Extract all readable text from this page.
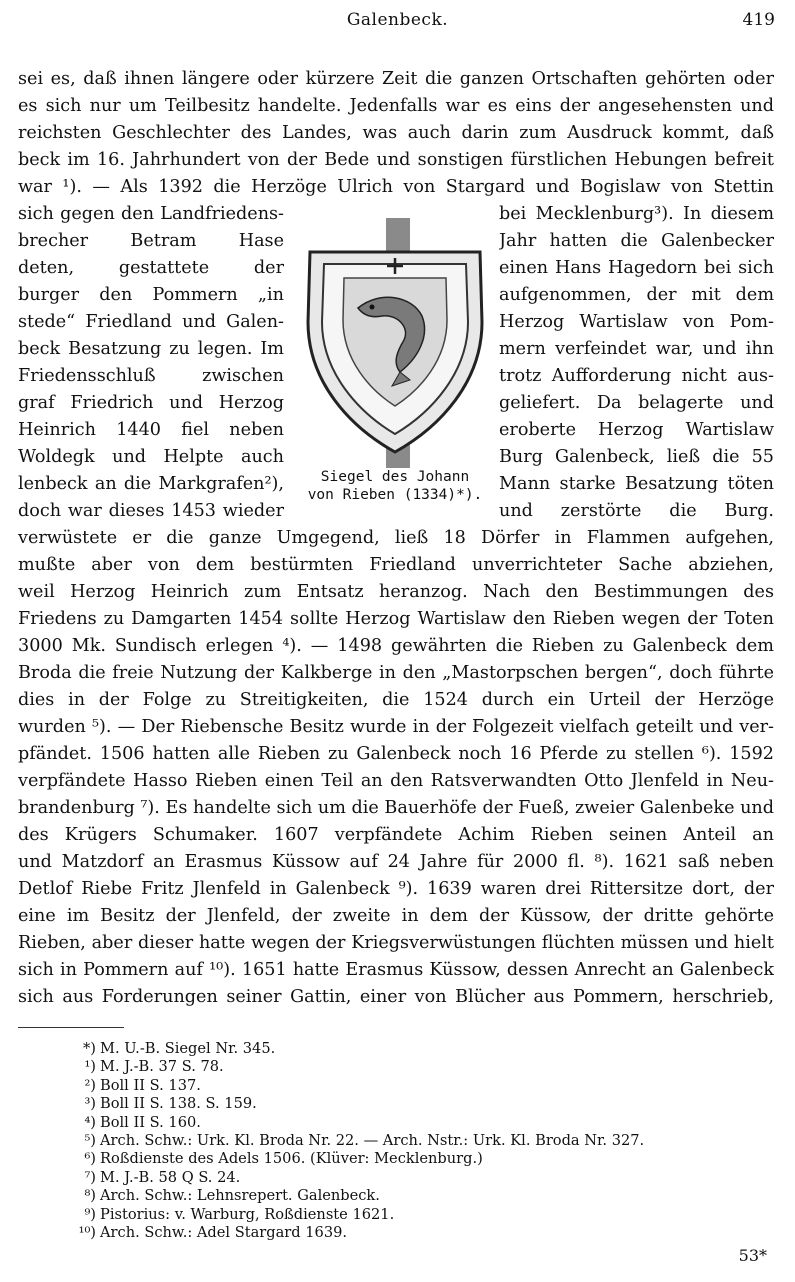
Galenbeck.	419
sei es, daß ihnen längere oder kürzere Zeit die ganzen Ortschaften gehörten oder
es sich nur um Teilbesitz handelte. Jedenfalls war es eins der angesehensten und
reichsten Geschlechter des Landes, was auch darin zum Ausdruck kommt, daß
beck im 16. Jahrhundert von der Bede und sonstigen fürstlichen Hebungen befreit
war ¹). — Als 1392 die Herzöge Ulrich von Stargard und Bogislaw von Stettin
sich gegen den Landfriedens-	bei Mecklenburg³). In diesem
brecher Betram Hase	Jahr hatten die Galenbecker
deten, gestattete der	einen Hans Hagedorn bei sich
burger den Pommern „in	aufgenommen, der mit dem
stede“ Friedland und Galen-	Herzog Wartislaw von Pom-
beck Besatzung zu legen. Im	mern verfeindet war, und ihn
Friedensschluß zwischen	trotz Aufforderung nicht aus-
graf Friedrich und Herzog	geliefert. Da belagerte und
Heinrich 1440 fiel neben	eroberte Herzog Wartislaw
Woldegk und Helpte auch	Burg Galenbeck, ließ die 55
lenbeck an die Markgrafen²),	Mann starke Besatzung töten
doch war dieses 1453 wieder	und zerstörte die Burg.
verwüstete er die ganze Umgegend, ließ 18 Dörfer in Flammen aufgehen,
mußte aber von dem bestürmten Friedland unverrichteter Sache abziehen,
weil Herzog Heinrich zum Entsatz heranzog. Nach den Bestimmungen des
Friedens zu Damgarten 1454 sollte Herzog Wartislaw den Rieben wegen der Toten
3000 Mk. Sundisch erlegen ⁴). — 1498 gewährten die Rieben zu Galenbeck dem
Broda die freie Nutzung der Kalkberge in den „Mastorpschen bergen“, doch führte
dies in der Folge zu Streitigkeiten, die 1524 durch ein Urteil der Herzöge
wurden ⁵). — Der Riebensche Besitz wurde in der Folgezeit vielfach geteilt und ver-
pfändet. 1506 hatten alle Rieben zu Galenbeck noch 16 Pferde zu stellen ⁶). 1592
verpfändete Hasso Rieben einen Teil an den Ratsverwandten Otto Jlenfeld in Neu-
brandenburg ⁷). Es handelte sich um die Bauerhöfe der Fueß, zweier Galenbeke und
des Krügers Schumaker. 1607 verpfändete Achim Rieben seinen Anteil an
und Matzdorf an Erasmus Küssow auf 24 Jahre für 2000 fl. ⁸). 1621 saß neben
Detlof Riebe Fritz Jlenfeld in Galenbeck ⁹). 1639 waren drei Rittersitze dort, der
eine im Besitz der Jlenfeld, der zweite in dem der Küssow, der dritte gehörte
Rieben, aber dieser hatte wegen der Kriegsverwüstungen flüchten müssen und hielt
sich in Pommern auf ¹⁰). 1651 hatte Erasmus Küssow, dessen Anrecht an Galenbeck
sich aus Forderungen seiner Gattin, einer von Blücher aus Pommern, herschrieb,
Siegel des Johann
von Rieben (1334)*).
*) M. U.-B. Siegel Nr. 345.
¹) M. J.-B. 37 S. 78.
²) Boll II S. 137.
³) Boll II S. 138. S. 159.
⁴) Boll II S. 160.
⁵) Arch. Schw.: Urk. Kl. Broda Nr. 22. — Arch. Nstr.: Urk. Kl. Broda Nr. 327.
⁶) Roßdienste des Adels 1506. (Klüver: Mecklenburg.)
⁷) M. J.-B. 58 Q S. 24.
⁸) Arch. Schw.: Lehnsrepert. Galenbeck.
⁹) Pistorius: v. Warburg, Roßdienste 1621.
¹⁰) Arch. Schw.: Adel Stargard 1639.
53*
